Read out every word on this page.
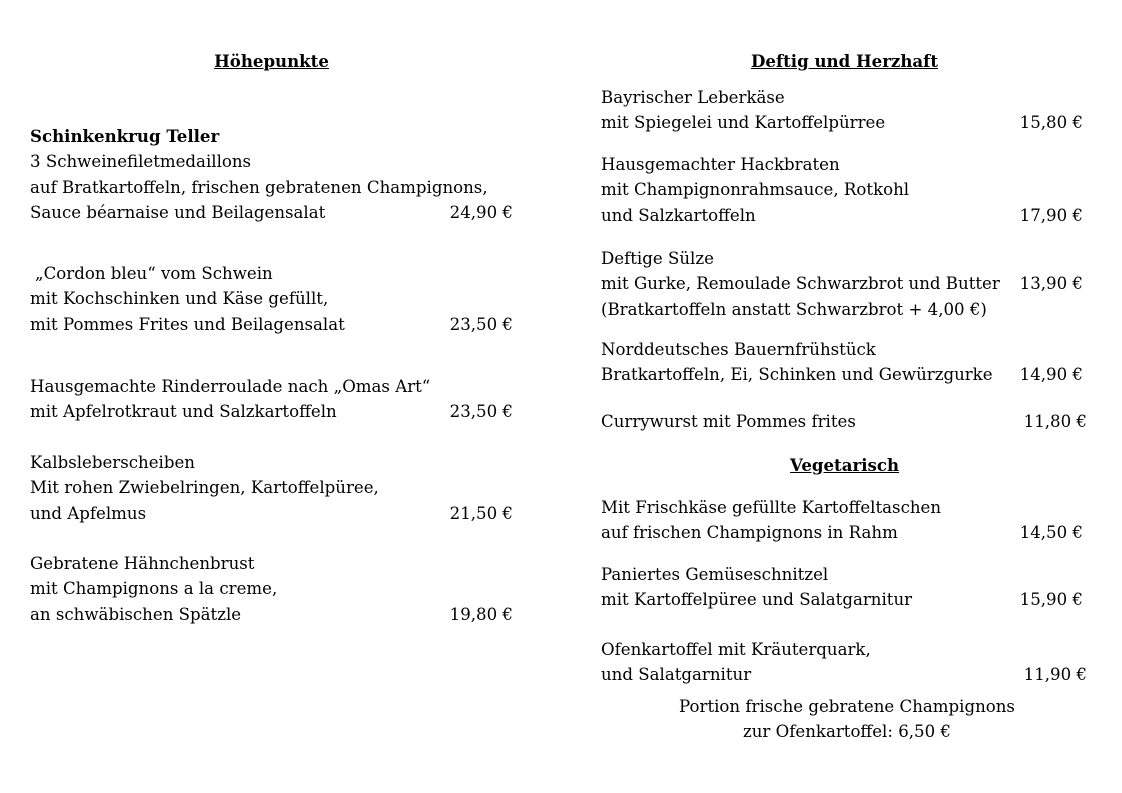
Höhepunkte
Schinkenkrug Teller
3 Schweinefiletmedaillons
auf Bratkartoffeln, frischen gebratenen Champignons,
Sauce béarnaise und Beilagensalat	24,90 €
„Cordon bleu“ vom Schwein
mit Kochschinken und Käse gefüllt,
mit Pommes Frites und Beilagensalat	23,50 €
Hausgemachte Rinderroulade nach „Omas Art“
mit Apfelrotkraut und Salzkartoffeln	23,50 €
Kalbsleberscheiben
Mit rohen Zwiebelringen, Kartoffelpüree,
und Apfelmus	21,50 €
Gebratene Hähnchenbrust
mit Champignons a la creme,
an schwäbischen Spätzle	19,80 €
Deftig und Herzhaft
Bayrischer Leberkäse
mit Spiegelei und Kartoffelpürree	15,80 €
Hausgemachter Hackbraten
mit Champignonrahmsauce, Rotkohl
und Salzkartoffeln	17,90 €
Deftige Sülze
mit Gurke, Remoulade Schwarzbrot und Butter 13,90 €
(Bratkartoffeln anstatt Schwarzbrot + 4,00 €)
Norddeutsches Bauernfrühstück
Bratkartoffeln, Ei, Schinken und Gewürzgurke 14,90 €
Currywurst mit Pommes frites	11,80 €
Vegetarisch
Mit Frischkäse gefüllte Kartoffeltaschen
auf frischen Champignons in Rahm	14,50 €
Paniertes Gemüseschnitzel
mit Kartoffelpüree und Salatgarnitur	15,90 €
Ofenkartoffel mit Kräuterquark,
und Salatgarnitur	11,90 €
Portion frische gebratene Champignons
zur Ofenkartoffel: 6,50 €
